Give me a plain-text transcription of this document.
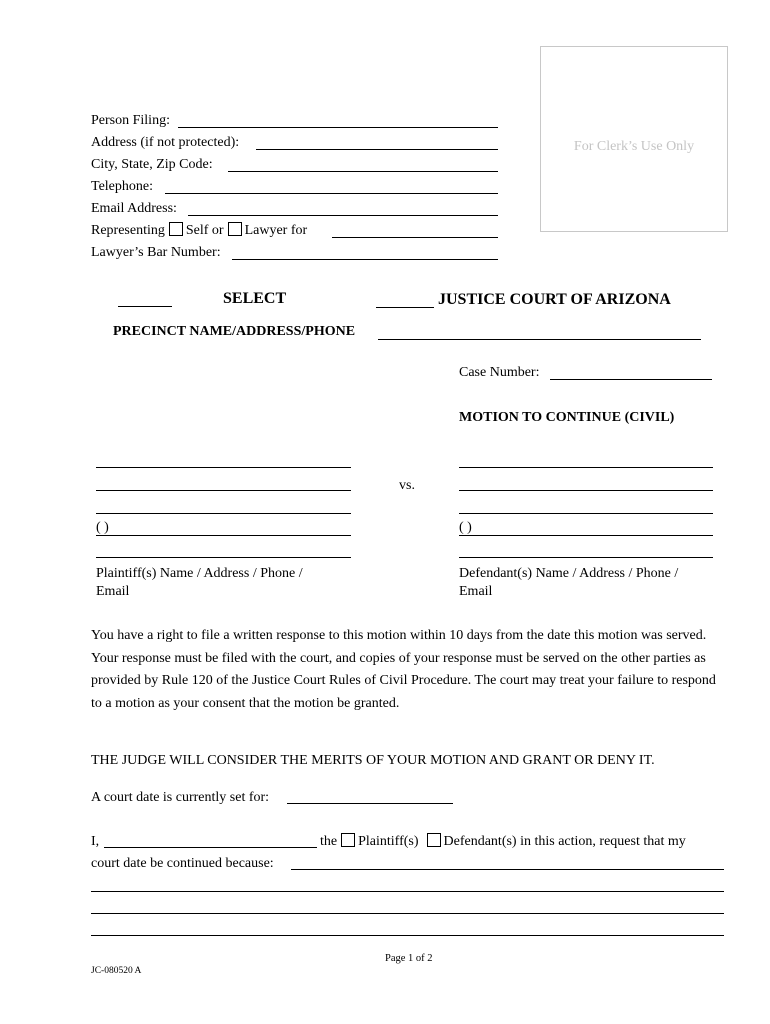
Person Filing:
Address (if not protected):
City, State, Zip Code:
Telephone:
Email Address:
Representing Self or Lawyer for
Lawyer’s Bar Number:
For Clerk’s Use Only
SELECT	JUSTICE COURT OF ARIZONA
PRECINCT NAME/ADDRESS/PHONE
Case Number:
MOTION TO CONTINUE (CIVIL)
( )
Plaintiff(s) Name / Address / Phone /
Email
vs.
( )
Defendant(s) Name / Address / Phone /
Email
You have a right to file a written response to this motion within 10 days from the date this motion was served. Your response must be filed with the court, and copies of your response must be served on the other parties as provided by Rule 120 of the Justice Court Rules of Civil Procedure. The court may treat your failure to respond to a motion as your consent that the motion be granted.
THE JUDGE WILL CONSIDER THE MERITS OF YOUR MOTION AND GRANT OR DENY IT.
A court date is currently set for:
I,	the Plaintiff(s) Defendant(s) in this action, request that my
court date be continued because:
Page 1 of 2
JC-080520 A
